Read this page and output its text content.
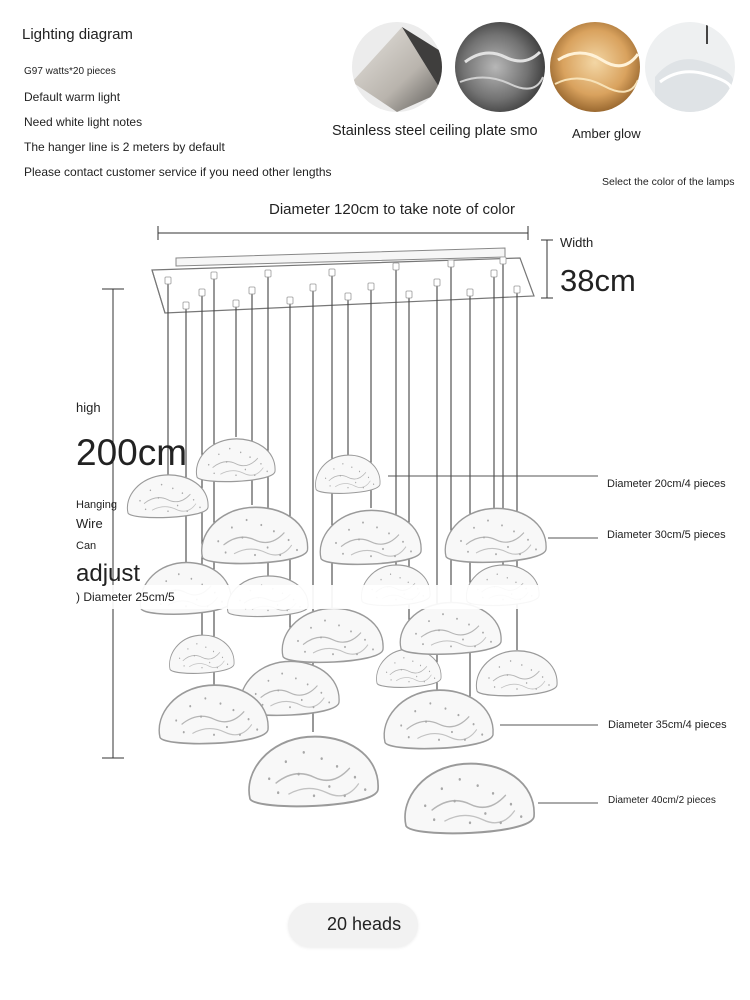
Lighting diagram
G97 watts*20 pieces
Default warm light
Need white light notes
The hanger line is 2 meters by default
Please contact customer service if you need other lengths
Stainless steel ceiling plate smo	Amber glow
Select the color of the lamps
Diameter 120cm to take note of color
Width
38cm
high
200cm
Hanging
Wire
Can
adjust
) Diameter 25cm/5
Diameter 20cm/4 pieces
Diameter 30cm/5 pieces
Diameter 35cm/4 pieces
Diameter 40cm/2 pieces
20 heads
